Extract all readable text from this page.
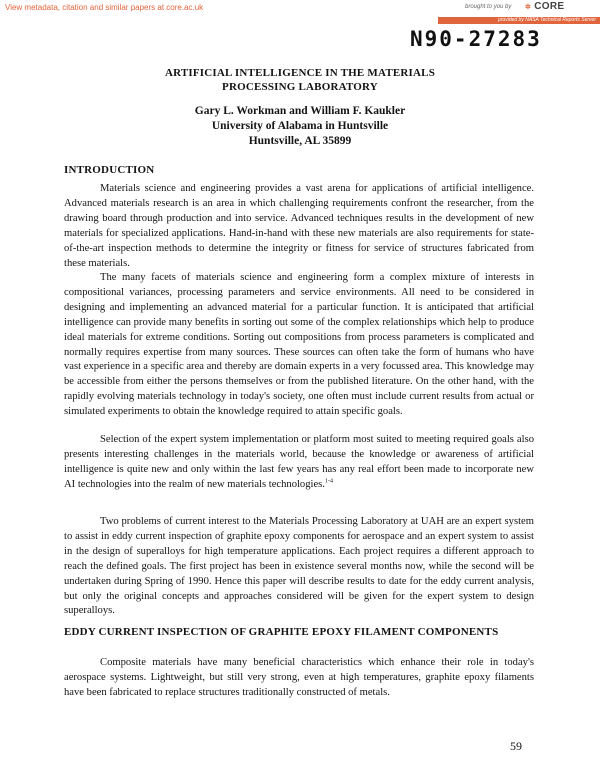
View metadata, citation and similar papers at core.ac.uk	brought to you by ✲ CORE
provided by NASA Technical Reports Server
N90-27283
ARTIFICIAL INTELLIGENCE IN THE MATERIALS
PROCESSING LABORATORY
Gary L. Workman and William F. Kaukler
University of Alabama in Huntsville
Huntsville, AL 35899
INTRODUCTION

Materials science and engineering provides a vast arena for applications of artificial intelligence. Advanced materials research is an area in which challenging requirements confront the researcher, from the drawing board through production and into service. Advanced techniques results in the development of new materials for specialized applications. Hand-in-hand with these new materials are also requirements for state-of-the-art inspection methods to determine the integrity or fitness for service of structures fabricated from these materials.

The many facets of materials science and engineering form a complex mixture of interests in compositional variances, processing parameters and service environments. All need to be considered in designing and implementing an advanced material for a particular function. It is anticipated that artificial intelligence can provide many benefits in sorting out some of the complex relationships which help to produce ideal materials for extreme conditions. Sorting out compositions from process parameters is complicated and normally requires expertise from many sources. These sources can often take the form of humans who have vast experience in a specific area and thereby are domain experts in a very focussed area. This knowledge may be accessible from either the persons themselves or from the published literature. On the other hand, with the rapidly evolving materials technology in today's society, one often must include current results from actual or simulated experiments to obtain the knowledge required to attain specific goals.

Selection of the expert system implementation or platform most suited to meeting required goals also presents interesting challenges in the materials world, because the knowledge or awareness of artificial intelligence is quite new and only within the last few years has any real effort been made to incorporate new AI technologies into the realm of new materials technologies.$^{1-4}$

Two problems of current interest to the Materials Processing Laboratory at UAH are an expert system to assist in eddy current inspection of graphite epoxy components for aerospace and an expert system to assist in the design of superalloys for high temperature applications. Each project requires a different approach to reach the defined goals. The first project has been in existence several months now, while the second will be undertaken during Spring of 1990. Hence this paper will describe results to date for the eddy current analysis, but only the original concepts and approaches considered will be given for the expert system to design superalloys.

EDDY CURRENT INSPECTION OF GRAPHITE EPOXY FILAMENT COMPONENTS

Composite materials have many beneficial characteristics which enhance their role in today's aerospace systems. Lightweight, but still very strong, even at high temperatures, graphite epoxy filaments have been fabricated to replace structures traditionally constructed of metals.

59
